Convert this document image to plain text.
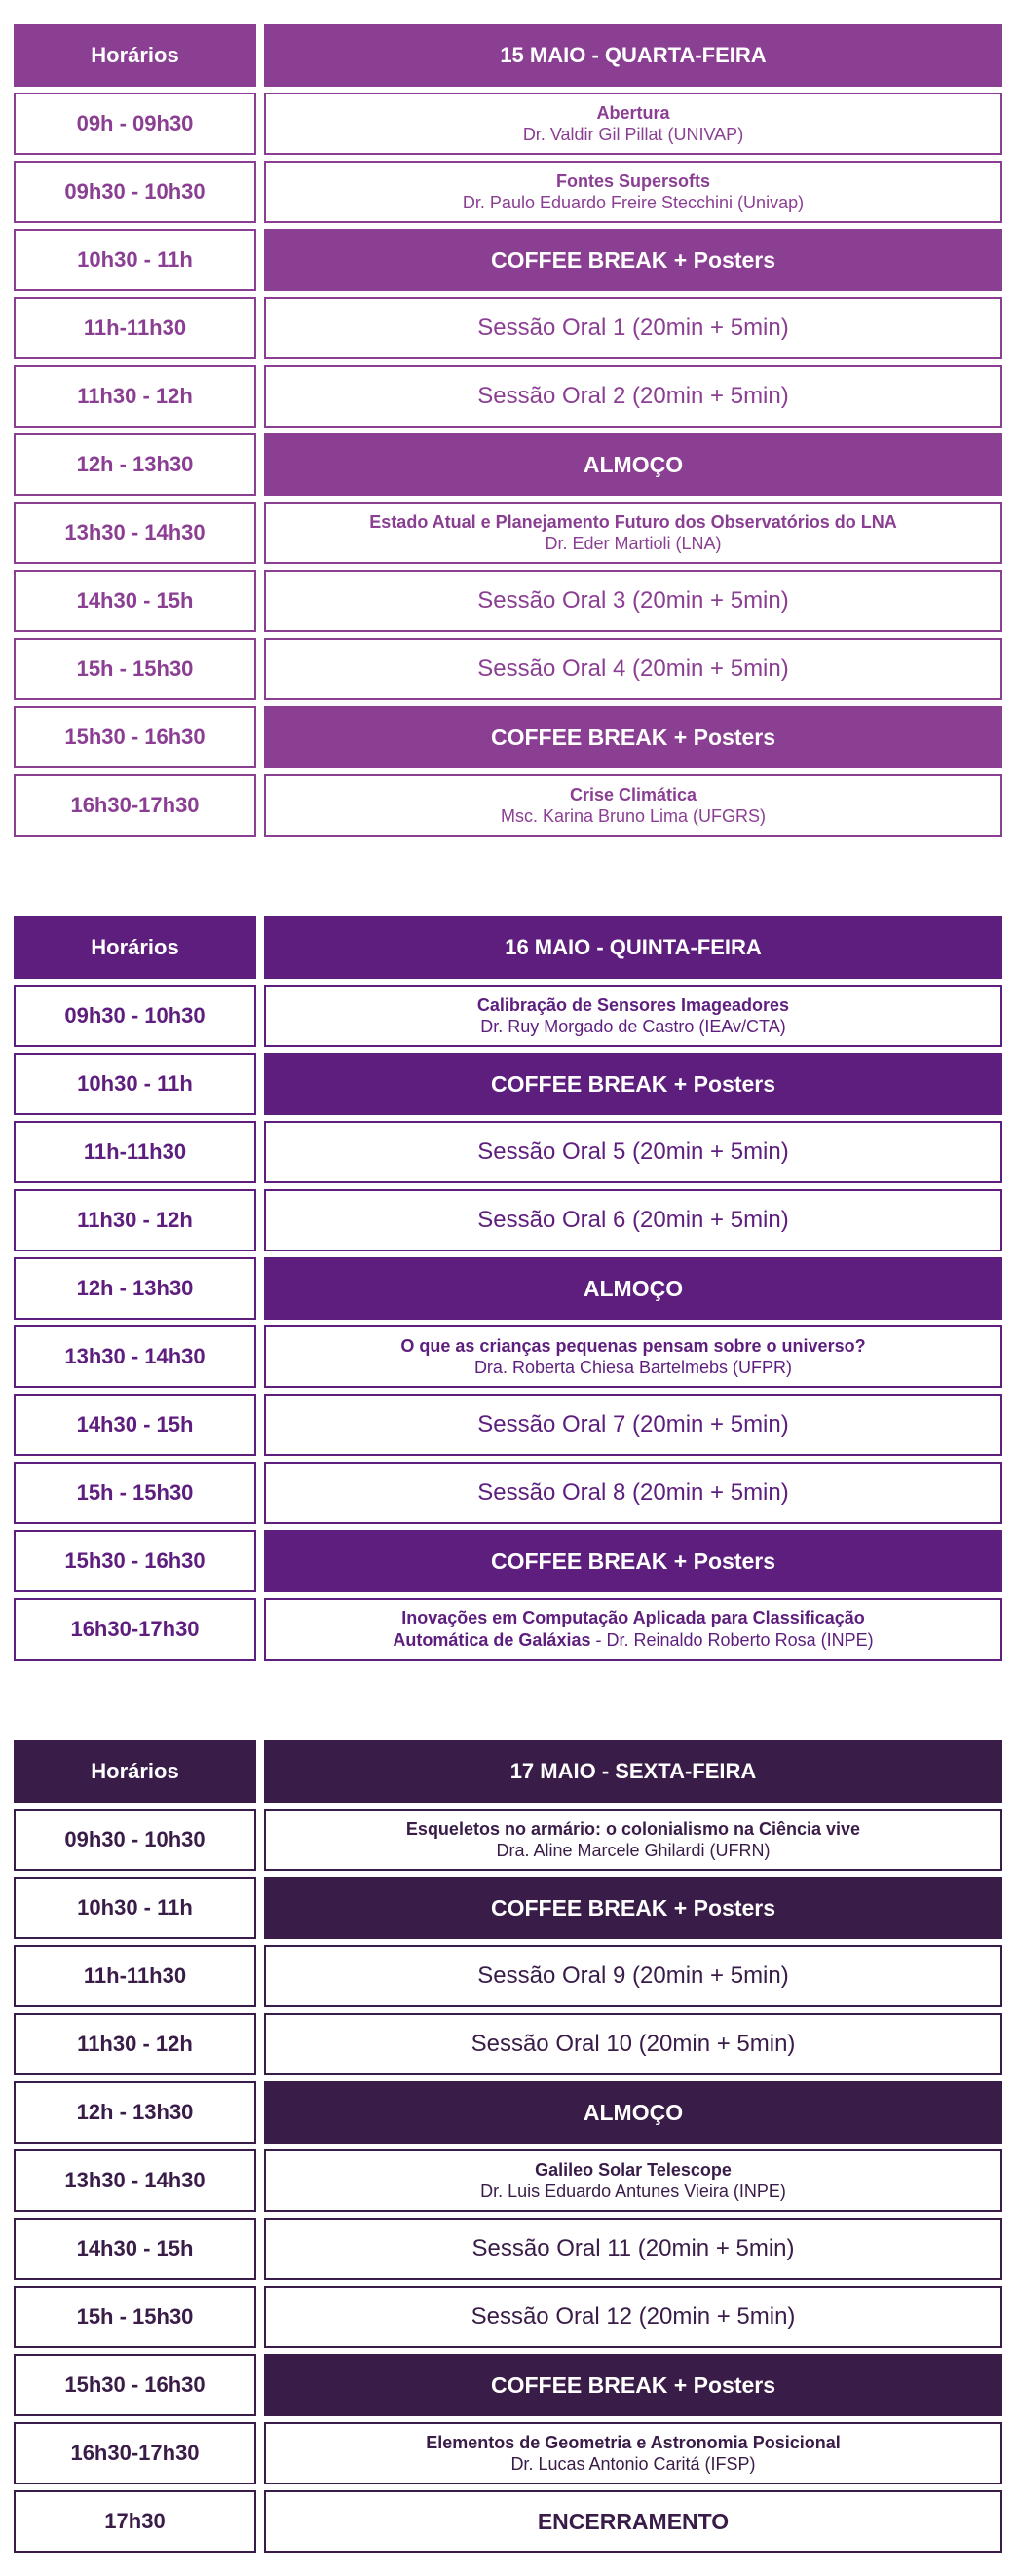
Horários	15 MAIO - QUARTA-FEIRA
09h - 09h30	Abertura
Dr. Valdir Gil Pillat (UNIVAP)
09h30 - 10h30	Fontes Supersofts
Dr. Paulo Eduardo Freire Stecchini (Univap)
10h30 - 11h	COFFEE BREAK + Posters
11h-11h30	Sessão Oral 1 (20min + 5min)
11h30 - 12h	Sessão Oral 2 (20min + 5min)
12h - 13h30	ALMOÇO
13h30 - 14h30	Estado Atual e Planejamento Futuro dos Observatórios do LNA
Dr. Eder Martioli (LNA)
14h30 - 15h	Sessão Oral 3 (20min + 5min)
15h - 15h30	Sessão Oral 4 (20min + 5min)
15h30 - 16h30	COFFEE BREAK + Posters
16h30-17h30	Crise Climática
Msc. Karina Bruno Lima (UFGRS)
Horários	16 MAIO - QUINTA-FEIRA
09h30 - 10h30	Calibração de Sensores Imageadores
Dr. Ruy Morgado de Castro (IEAv/CTA)
10h30 - 11h	COFFEE BREAK + Posters
11h-11h30	Sessão Oral 5 (20min + 5min)
11h30 - 12h	Sessão Oral 6 (20min + 5min)
12h - 13h30	ALMOÇO
13h30 - 14h30	O que as crianças pequenas pensam sobre o universo?
Dra. Roberta Chiesa Bartelmebs (UFPR)
14h30 - 15h	Sessão Oral 7 (20min + 5min)
15h - 15h30	Sessão Oral 8 (20min + 5min)
15h30 - 16h30	COFFEE BREAK + Posters
16h30-17h30	Inovações em Computação Aplicada para Classificação
Automática de Galáxias - Dr. Reinaldo Roberto Rosa (INPE)
Horários	17 MAIO - SEXTA-FEIRA
09h30 - 10h30	Esqueletos no armário: o colonialismo na Ciência vive
Dra. Aline Marcele Ghilardi (UFRN)
10h30 - 11h	COFFEE BREAK + Posters
11h-11h30	Sessão Oral 9 (20min + 5min)
11h30 - 12h	Sessão Oral 10 (20min + 5min)
12h - 13h30	ALMOÇO
13h30 - 14h30	Galileo Solar Telescope
Dr. Luis Eduardo Antunes Vieira (INPE)
14h30 - 15h	Sessão Oral 11 (20min + 5min)
15h - 15h30	Sessão Oral 12 (20min + 5min)
15h30 - 16h30	COFFEE BREAK + Posters
16h30-17h30	Elementos de Geometria e Astronomia Posicional
Dr. Lucas Antonio Caritá (IFSP)
17h30	ENCERRAMENTO
